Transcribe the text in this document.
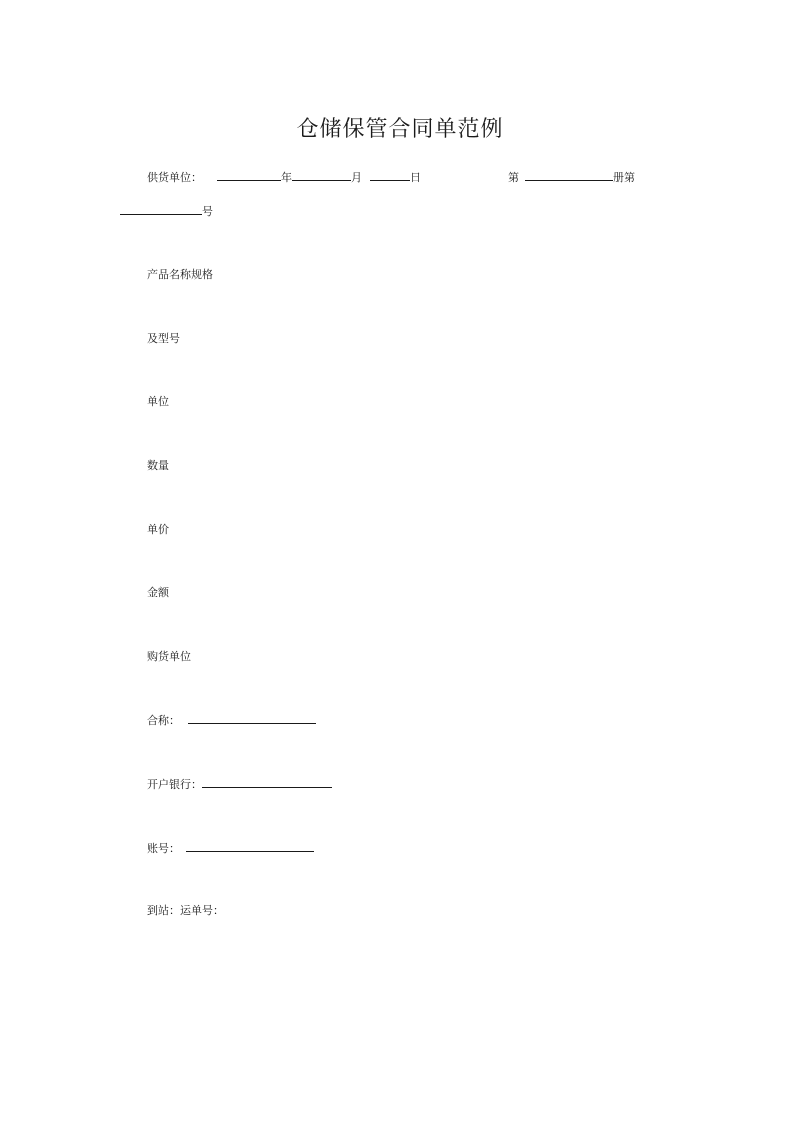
仓储保管合同单范例
供货单位：	年	月	日	第	册第
号
产品名称规格
及型号
单位
数量
单价
金额
购货单位
合称：
开户银行：
账号：
到站：运单号：
